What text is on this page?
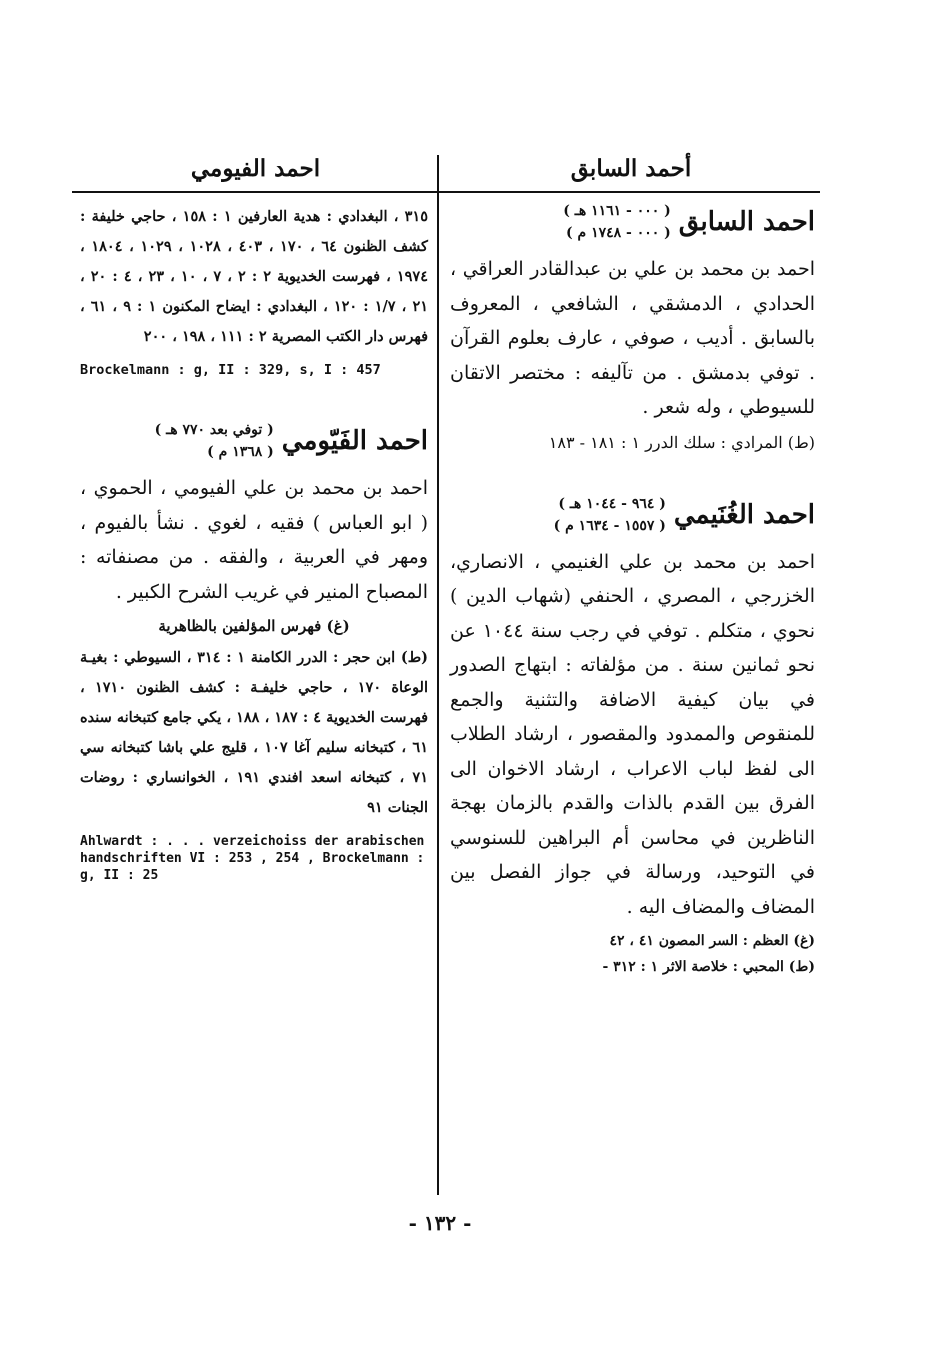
أحمد السابق
احمد الفيومي
احمد السابق
( ٠٠٠ - ١١٦١ هـ )
( ٠٠٠ - ١٧٤٨ م )

احمد بن محمد بن علي بن عبدالقادر العراقي ، الحدادي ، الدمشقي ، الشافعي ، المعروف بالسابق . أديب ، صوفي ، عارف بعلوم القرآن . توفي بدمشق . من تآليفه : مختصر الاتقان للسيوطي ، وله شعر .

(ط) المرادي : سلك الدرر ١ : ١٨١ - ١٨٣

احمد الغُنَيمي
( ٩٦٤ - ١٠٤٤ هـ )
( ١٥٥٧ - ١٦٣٤ م )

احمد بن محمد بن علي الغنيمي ، الانصاري، الخزرجي ، المصري ، الحنفي (شهاب الدين ) نحوي ، متكلم . توفي في رجب سنة ١٠٤٤ عن نحو ثمانين سنة . من مؤلفاته : ابتهاج الصدور في بيان كيفية الاضافة والتثنية والجمع للمنقوص والممدود والمقصور ، ارشاد الطلاب الى لفظ لباب الاعراب ، ارشاد الاخوان الى الفرق بين القدم بالذات والقدم بالزمان بهجة الناظرين في محاسن أم البراهين للسنوسي في التوحيد، ورسالة في جواز الفصل بين المضاف والمضاف اليه .

(غ) العظم : السر المصون ٤١ ، ٤٢

(ط) المحبي : خلاصة الاثر ١ : ٣١٢ -

٣١٥ ، البغدادي : هدية العارفين ١ : ١٥٨ ، حاجي خليفة : كشف الظنون ٦٤ ، ١٧٠ ، ٤٠٣ ، ١٠٢٨ ، ١٠٢٩ ، ١٨٠٤ ، ١٩٧٤ ، فهرست الخديوية ٢ : ٢ ، ٧ ، ١٠ ، ٢٣ ، ٤ : ٢٠ ، ٢١ ، ١/٧ : ١٢٠ ، البغدادي : ايضاح المكنون ١ : ٩ ، ٦١ ، فهرس دار الكتب المصرية ٢ : ١١١ ، ١٩٨ ، ٢٠٠

Brockelmann : g, II : 329, s, I : 457

احمد الفَيّومي
( توفي بعد ٧٧٠ هـ )
( ١٣٦٨ م )

احمد بن محمد بن علي الفيومي ، الحموي ، ( ابو العباس ) فقيه ، لغوي . نشأ بالفيوم ، ومهر في العربية ، والفقه . من مصنفاته : المصباح المنير في غريب الشرح الكبير .

(غ) فهرس المؤلفين بالظاهرية

(ط) ابن حجر : الدرر الكامنة ١ : ٣١٤ ، السيوطي : بغيـة الوعاة ١٧٠ ، حاجي خليفـة : كشف الظنون ١٧١٠ ، فهرست الخديوية ٤ : ١٨٧ ، ١٨٨ ، يكي جامع كتبخانه سنده ٦١ ، كتبخانه سليم آغا ١٠٧ ، قليج علي باشا كتبخانه سي ٧١ ، كتبخانه اسعد افندي ١٩١ ، الخوانساري : روضات الجنات ٩١

Ahlwardt : . . . verzeichoiss der arabischen handschriften VI : 253 , 254 , Brockelmann : g, II : 25

- ١٣٢ -
